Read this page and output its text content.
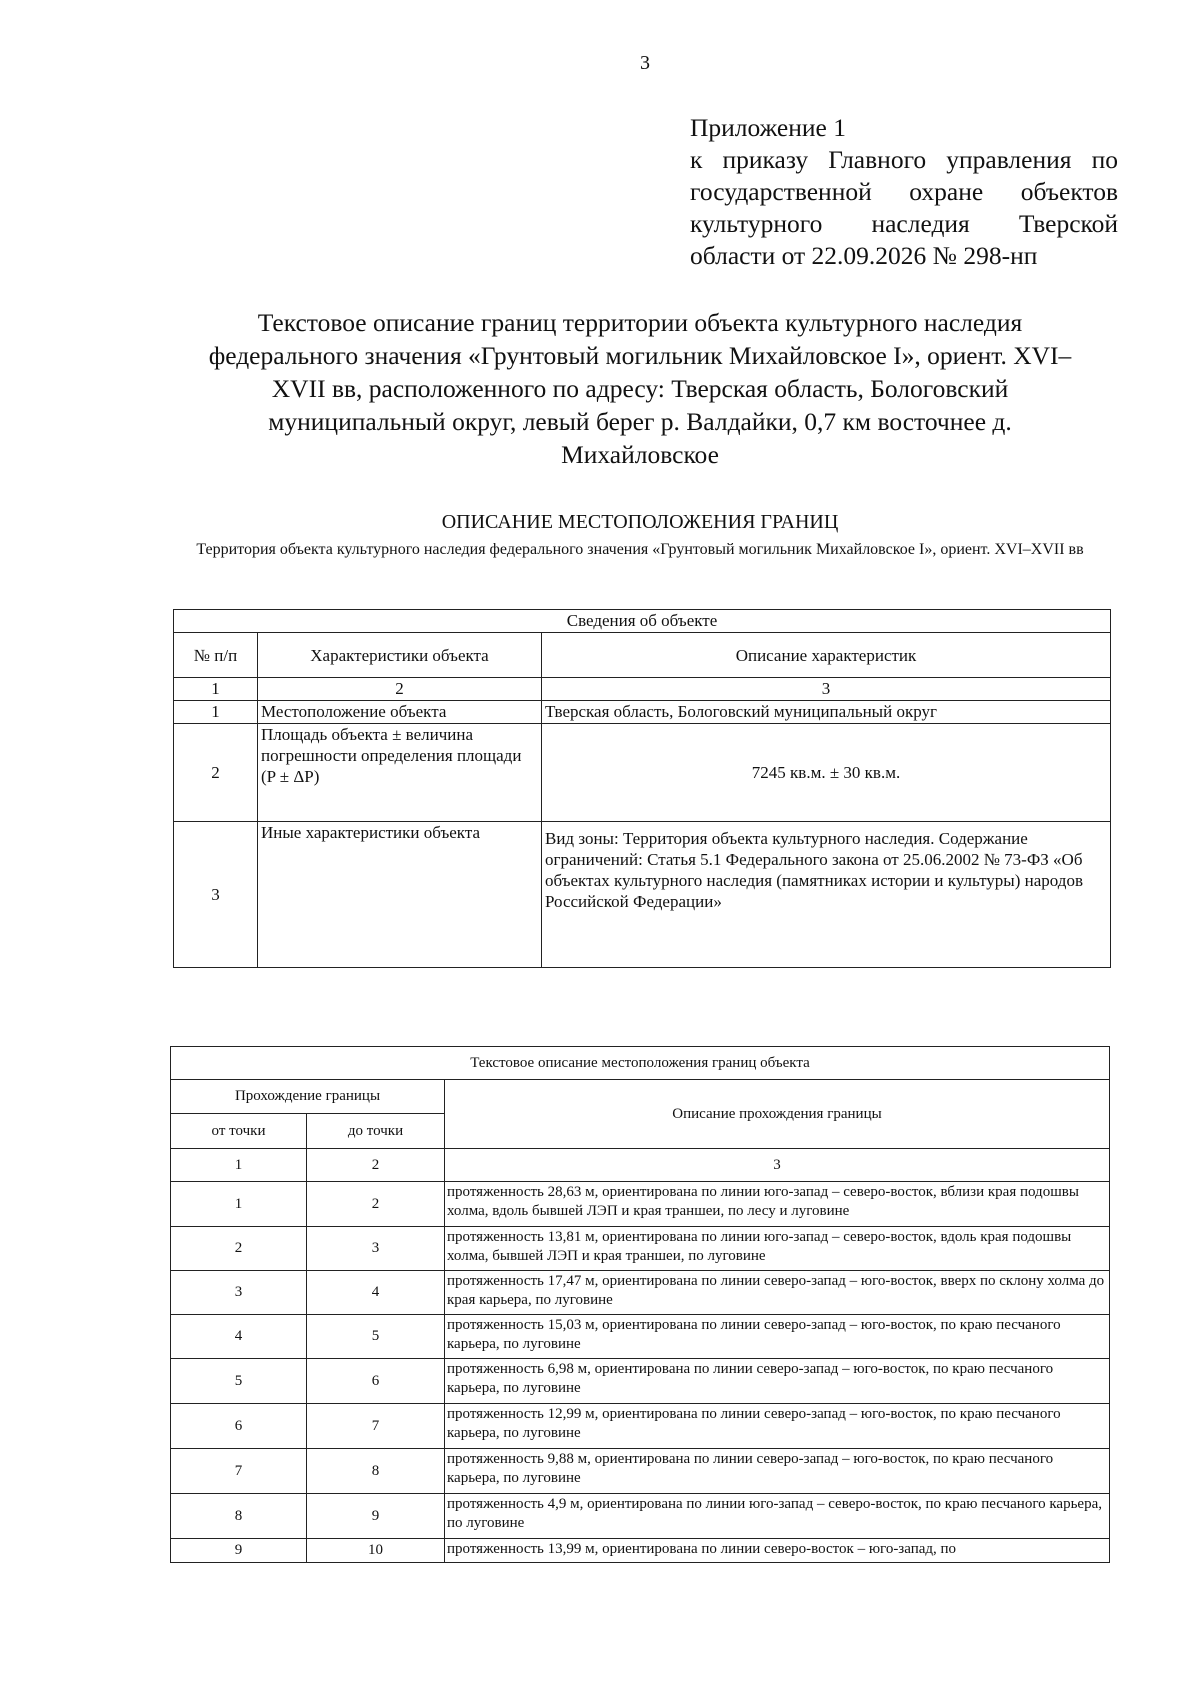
3
Приложение 1
к приказу Главного управления по государственной охране объектов культурного наследия Тверской области от 22.09.2026 № 298-нп
Текстовое описание границ территории объекта культурного наследия федерального значения «Грунтовый могильник Михайловское I», ориент. XVI–XVII вв, расположенного по адресу: Тверская область, Бологовский муниципальный округ, левый берег р. Валдайки, 0,7 км восточнее д. Михайловское
ОПИСАНИЕ МЕСТОПОЛОЖЕНИЯ ГРАНИЦ
Территория объекта культурного наследия федерального значения «Грунтовый могильник Михайловское I», ориент. XVI–XVII вв
Сведения об объекте		
№ п/п	Характеристики объекта	Описание характеристик
1	2	3
1	Местоположение объекта	Тверская область, Бологовский муниципальный округ
2	Площадь объекта ± величина погрешности определения площади (P ± ΔP)	7245 кв.м. ± 30 кв.м.
3	Иные характеристики объекта	Вид зоны: Территория объекта культурного наследия. Содержание ограничений: Статья 5.1 Федерального закона от 25.06.2002 № 73-ФЗ «Об объектах культурного наследия (памятниках истории и культуры) народов Российской Федерации»
Текстовое описание местоположения границ объекта		
Прохождение границы		Описание прохождения границы
от точки	до точки	
1	2	3
1	2	протяженность 28,63 м, ориентирована по линии юго-запад – северо-восток, вблизи края подошвы холма, вдоль бывшей ЛЭП и края траншеи, по лесу и луговине
2	3	протяженность 13,81 м, ориентирована по линии юго-запад – северо-восток, вдоль края подошвы холма, бывшей ЛЭП и края траншеи, по луговине
3	4	протяженность 17,47 м, ориентирована по линии северо-запад – юго-восток, вверх по склону холма до края карьера, по луговине
4	5	протяженность 15,03 м, ориентирована по линии северо-запад – юго-восток, по краю песчаного карьера, по луговине
5	6	протяженность 6,98 м, ориентирована по линии северо-запад – юго-восток, по краю песчаного карьера, по луговине
6	7	протяженность 12,99 м, ориентирована по линии северо-запад – юго-восток, по краю песчаного карьера, по луговине
7	8	протяженность 9,88 м, ориентирована по линии северо-запад – юго-восток, по краю песчаного карьера, по луговине
8	9	протяженность 4,9 м, ориентирована по линии юго-запад – северо-восток, по краю песчаного карьера, по луговине
9	10	протяженность 13,99 м, ориентирована по линии северо-восток – юго-запад, по
